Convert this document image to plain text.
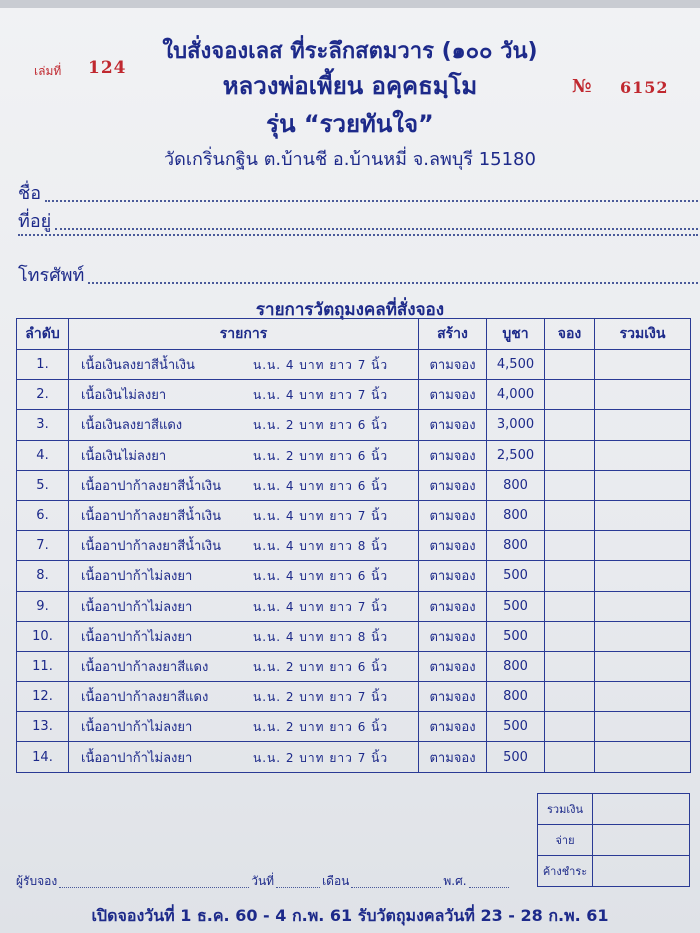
เล่มที่ 124
№ 6152
ใบสั่งจองเลส ที่ระลึกสตมวาร (๑๐๐ วัน)
หลวงพ่อเพี้ยน อคฺคธมฺโม
รุ่น “รวยทันใจ”
วัดเกริ่นกฐิน ต.บ้านชี อ.บ้านหมี่ จ.ลพบุรี 15180
ชื่อ
ที่อยู่
โทรศัพท์
รายการวัตถุมงคลที่สั่งจอง
ลำดับ	รายการ	สร้าง	บูชา	จอง	รวมเงิน
1.	เนื้อเงินลงยาสีน้ำเงิน น.น. 4 บาท ยาว 7 นิ้ว	ตามจอง	4,500		
2.	เนื้อเงินไม่ลงยา น.น. 4 บาท ยาว 7 นิ้ว	ตามจอง	4,000		
3.	เนื้อเงินลงยาสีแดง น.น. 2 บาท ยาว 6 นิ้ว	ตามจอง	3,000		
4.	เนื้อเงินไม่ลงยา น.น. 2 บาท ยาว 6 นิ้ว	ตามจอง	2,500		
5.	เนื้ออาปาก้าลงยาสีน้ำเงิน น.น. 4 บาท ยาว 6 นิ้ว	ตามจอง	800		
6.	เนื้ออาปาก้าลงยาสีน้ำเงิน น.น. 4 บาท ยาว 7 นิ้ว	ตามจอง	800		
7.	เนื้ออาปาก้าลงยาสีน้ำเงิน น.น. 4 บาท ยาว 8 นิ้ว	ตามจอง	800		
8.	เนื้ออาปาก้าไม่ลงยา น.น. 4 บาท ยาว 6 นิ้ว	ตามจอง	500		
9.	เนื้ออาปาก้าไม่ลงยา น.น. 4 บาท ยาว 7 นิ้ว	ตามจอง	500		
10.	เนื้ออาปาก้าไม่ลงยา น.น. 4 บาท ยาว 8 นิ้ว	ตามจอง	500		
11.	เนื้ออาปาก้าลงยาสีแดง น.น. 2 บาท ยาว 6 นิ้ว	ตามจอง	800		
12.	เนื้ออาปาก้าลงยาสีแดง น.น. 2 บาท ยาว 7 นิ้ว	ตามจอง	800		
13.	เนื้ออาปาก้าไม่ลงยา น.น. 2 บาท ยาว 6 นิ้ว	ตามจอง	500		
14.	เนื้ออาปาก้าไม่ลงยา น.น. 2 บาท ยาว 7 นิ้ว	ตามจอง	500		
รวมเงิน	
จ่าย	
ค้างชำระ	
ผู้รับจอง	วันที่	เดือน	พ.ศ.
เปิดจองวันที่ 1 ธ.ค. 60 - 4 ก.พ. 61 รับวัตถุมงคลวันที่ 23 - 28 ก.พ. 61
